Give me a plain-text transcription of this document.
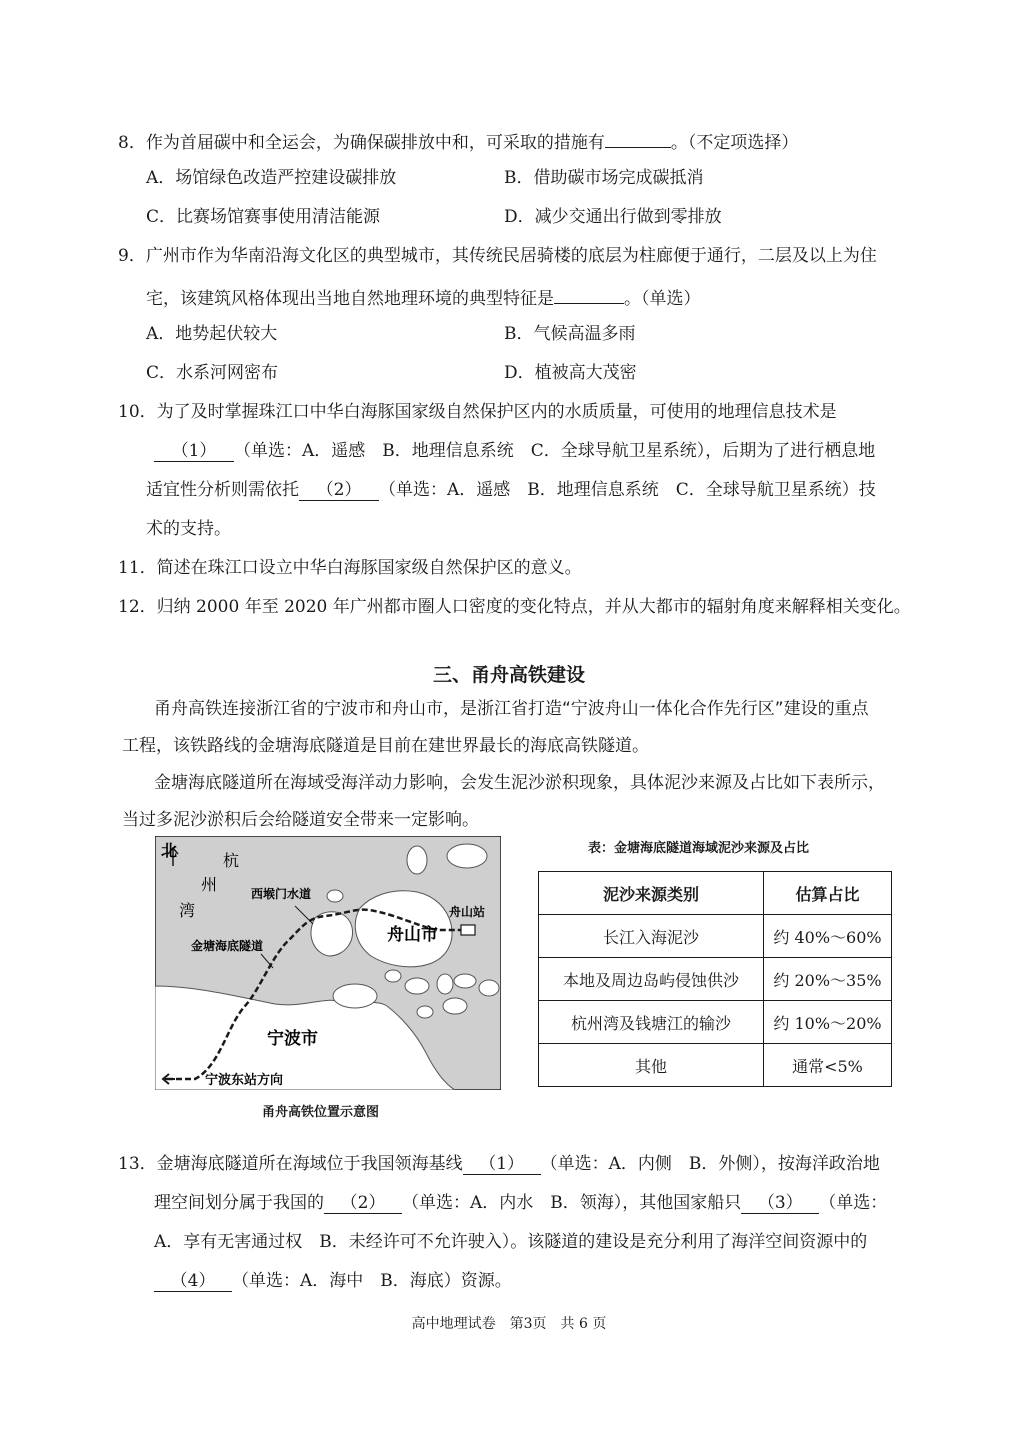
8．作为首届碳中和全运会，为确保碳排放中和，可采取的措施有	。（不定项选择）
A．场馆绿色改造严控建设碳排放	B．借助碳市场完成碳抵消
C．比赛场馆赛事使用清洁能源	D．减少交通出行做到零排放
9．广州市作为华南沿海文化区的典型城市，其传统民居骑楼的底层为柱廊便于通行，二层及以上为住
宅，该建筑风格体现出当地自然地理环境的典型特征是	。（单选）
A．地势起伏较大	B．气候高温多雨
C．水系河网密布	D．植被高大茂密
10．为了及时掌握珠江口中华白海豚国家级自然保护区内的水质质量，可使用的地理信息技术是
（1） （单选：A．遥感　B．地理信息系统　C．全球导航卫星系统），后期为了进行栖息地
适宜性分析则需依托 （2） （单选：A．遥感　B．地理信息系统　C．全球导航卫星系统）技
术的支持。
11．简述在珠江口设立中华白海豚国家级自然保护区的意义。
12．归纳 2000 年至 2020 年广州都市圈人口密度的变化特点，并从大都市的辐射角度来解释相关变化。
三、甬舟高铁建设
甬舟高铁连接浙江省的宁波市和舟山市，是浙江省打造“宁波舟山一体化合作先行区”建设的重点
工程，该铁路线的金塘海底隧道是目前在建世界最长的海底高铁隧道。
金塘海底隧道所在海域受海洋动力影响，会发生泥沙淤积现象，具体泥沙来源及占比如下表所示，
当过多泥沙淤积后会给隧道安全带来一定影响。
北
杭
州
湾
西堠门水道
舟山站
舟山市
金塘海底隧道
宁波市
宁波东站方向
甬舟高铁位置示意图
表：金塘海底隧道海域泥沙来源及占比
泥沙来源类别	估算占比
长江入海泥沙	约 40%～60%
本地及周边岛屿侵蚀供沙	约 20%～35%
杭州湾及钱塘江的输沙	约 10%～20%
其他	通常<5%
13．金塘海底隧道所在海域位于我国领海基线 （1） （单选：A．内侧　B．外侧），按海洋政治地
理空间划分属于我国的 （2） （单选：A．内水　B．领海），其他国家船只 （3） （单选：
A．享有无害通过权　B．未经许可不允许驶入）。该隧道的建设是充分利用了海洋空间资源中的
（4） （单选：A．海中　B．海底）资源。
高中地理试卷　第3页　共 6 页
